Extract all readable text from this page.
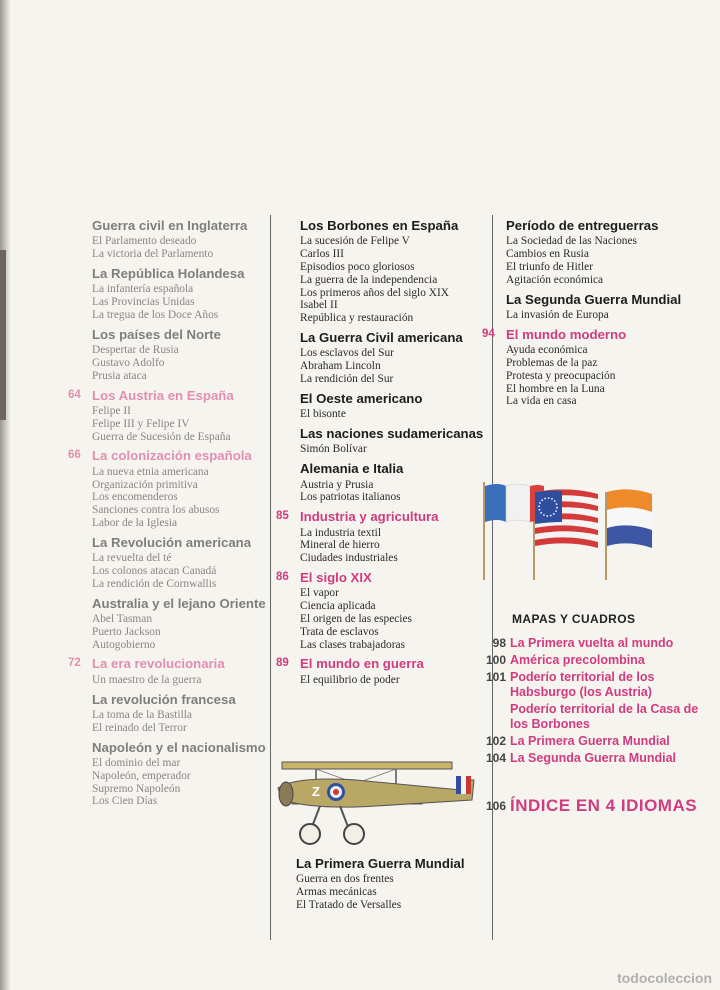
Guerra civil en Inglaterra
El Parlamento deseado
La victoria del Parlamento
La República Holandesa
La infantería española
Las Provincias Unidas
La tregua de los Doce Años
Los países del Norte
Despertar de Rusia
Gustavo Adolfo
Prusia ataca
64 Los Austria en España
Felipe II
Felipe III y Felipe IV
Guerra de Sucesión de España
66 La colonización española
La nueva etnia americana
Organización primitiva
Los encomenderos
Sanciones contra los abusos
Labor de la Iglesia
La Revolución americana
La revuelta del té
Los colonos atacan Canadá
La rendición de Cornwallis
Australia y el lejano Oriente
Abel Tasman
Puerto Jackson
Autogobierno
72 La era revolucionaria
Un maestro de la guerra
La revolución francesa
La toma de la Bastilla
El reinado del Terror
Napoleón y el nacionalismo
El dominio del mar
Napoleón, emperador
Supremo Napoleón
Los Cien Días
Los Borbones en España
La sucesión de Felipe V
Carlos III
Episodios poco gloriosos
La guerra de la independencia
Los primeros años del siglo XIX
Isabel II
República y restauración
La Guerra Civil americana
Los esclavos del Sur
Abraham Lincoln
La rendición del Sur
El Oeste americano
El bisonte
Las naciones sudamericanas
Simón Bolívar
Alemania e Italia
Austria y Prusia
Los patriotas italianos
85 Industria y agricultura
La industria textil
Mineral de hierro
Ciudades industriales
86 El siglo XIX
El vapor
Ciencia aplicada
El origen de las especies
Trata de esclavos
Las clases trabajadoras
89 El mundo en guerra
El equilibrio de poder
Período de entreguerras
La Sociedad de las Naciones
Cambios en Rusia
El triunfo de Hitler
Agitación económica
La Segunda Guerra Mundial
La invasión de Europa
94 El mundo moderno
Ayuda económica
Problemas de la paz
Protesta y preocupación
El hombre en la Luna
La vida en casa
Z
MAPAS Y CUADROS
98 La Primera vuelta al mundo
100 América precolombina
101 Poderío territorial de los Habsburgo (los Austria)
Poderío territorial de la Casa de los Borbones
102 La Primera Guerra Mundial
104 La Segunda Guerra Mundial
106 ÍNDICE EN 4 IDIOMAS
todocoleccion
La Primera Guerra Mundial
Guerra en dos frentes
Armas mecánicas
El Tratado de Versalles
